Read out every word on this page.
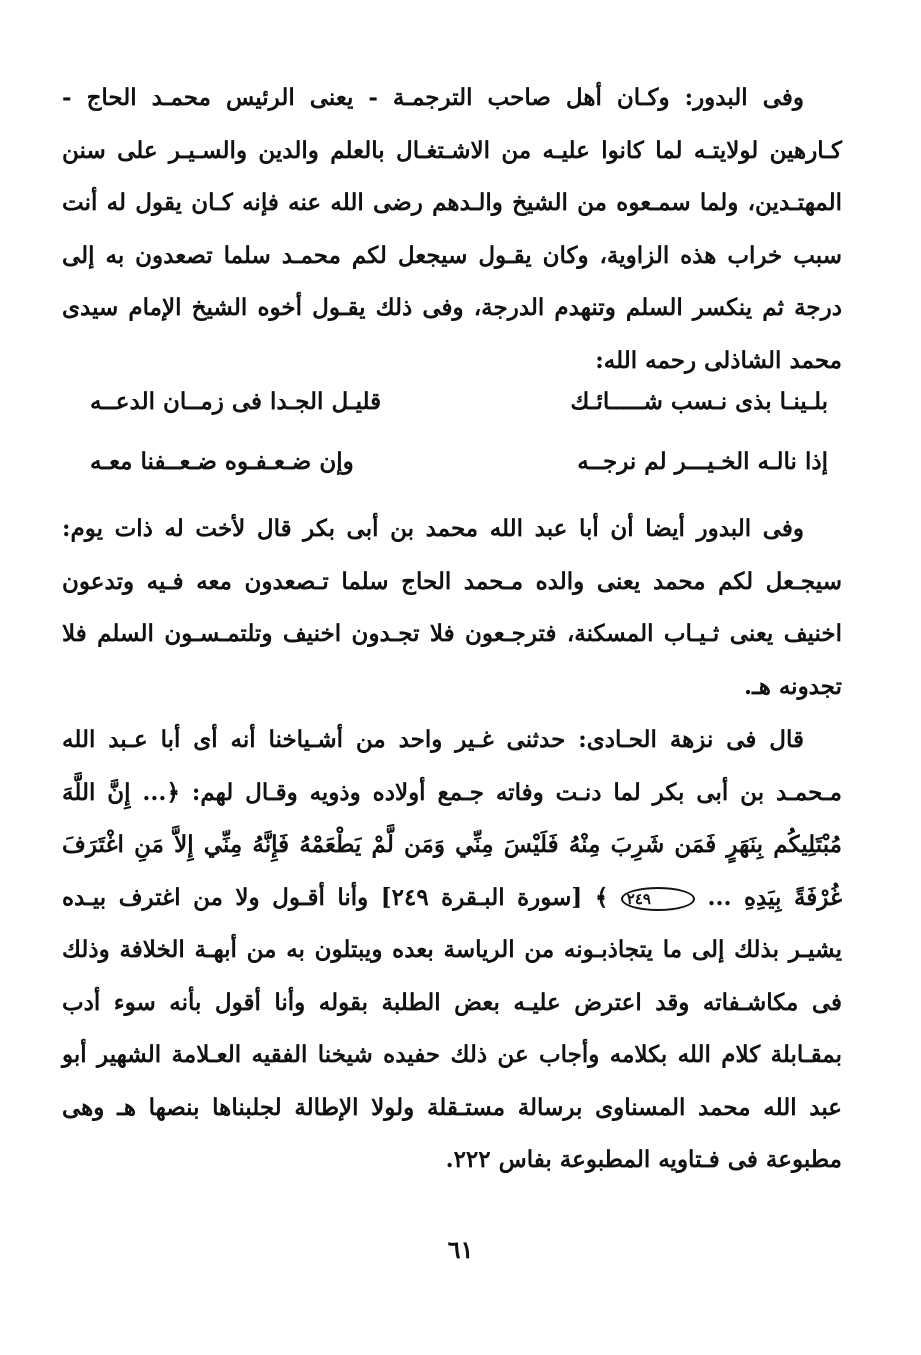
وفى البدور: وكـان أهل صاحب الترجمـة - يعنى الرئيس محمـد الحاج - كـارهين لولايتـه لما كانوا عليـه من الاشـتغـال بالعلم والدين والسـيـر على سنن المهتـدين، ولما سمـعوه من الشيخ والـدهم رضى الله عنه فإنه كـان يقول له أنت سبب خراب هذه الزاوية، وكان يقـول سيجعل لكم محمـد سلما تصعدون به إلى درجة ثم ينكسر السلم وتنهدم الدرجة، وفى ذلك يقـول أخوه الشيخ الإمام سيدى محمد الشاذلى رحمه الله:

بلـينـا بذى نـسب شـــــائـك
قليـل الجـدا فى زمــان الدعــه
إذا نالـه الخـيـــر لم نرجــه
وإن ضـعـفـوه ضـعــفنا معـه

وفى البدور أيضا أن أبا عبد الله محمد بن أبى بكر قال لأخت له ذات يوم: سيجـعل لكم محمد يعنى والده مـحمد الحاج سلما تـصعدون معه فـيه وتدعون اخنيف يعنى ثـيـاب المسكنة، فترجـعون فلا تجـدون اخنيف وتلتمـسـون السلم فلا تجدونه هـ.

قال فى نزهة الحـادى: حدثنى غـير واحد من أشـياخنا أنه أى أبا عـبد الله مـحمـد بن أبى بكر لما دنـت وفاته جـمع أولاده وذويه وقـال لهم: ﴿... إِنَّ اللَّهَ مُبْتَلِيكُم بِنَهَرٍ فَمَن شَرِبَ مِنْهُ فَلَيْسَ مِنِّي وَمَن لَّمْ يَطْعَمْهُ فَإِنَّهُ مِنِّي إِلاَّ مَنِ اغْتَرَفَ غُرْفَةً بِيَدِهِ ... ٢٤٩ ﴾ [سورة البـقرة ٢٤٩] وأنا أقـول ولا من اغترف بيـده يشيـر بذلك إلى ما يتجاذبـونه من الرياسة بعده ويبتلون به من أبهـة الخلافة وذلك فى مكاشـفاته وقد اعترض عليـه بعض الطلبة بقوله وأنا أقول بأنه سوء أدب بمقـابلة كلام الله بكلامه وأجاب عن ذلك حفيده شيخنا الفقيه العـلامة الشهير أبو عبد الله محمد المسناوى برسالة مستـقلة ولولا الإطالة لجلبناها بنصها هـ وهى مطبوعة فى فـتاويه المطبوعة بفاس ٢٢٢.

٦١
